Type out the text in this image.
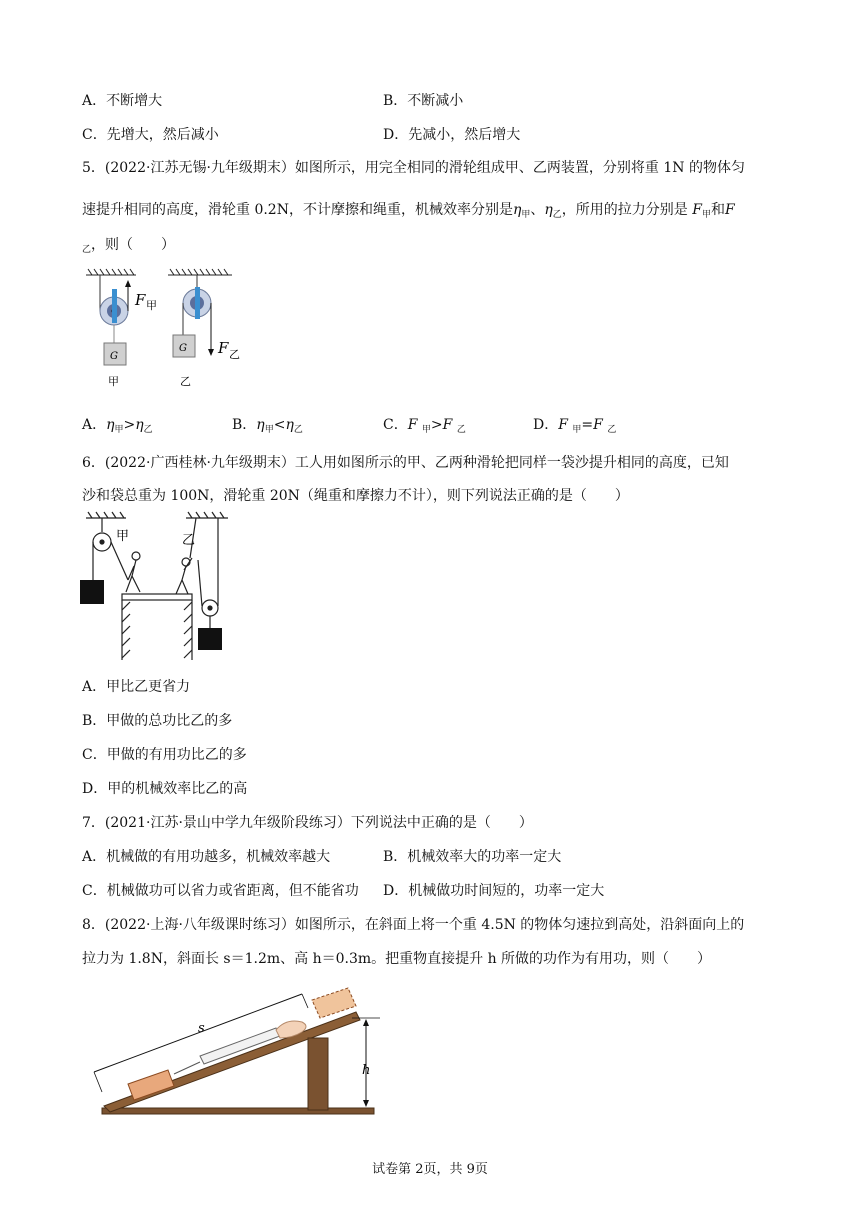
A．不断增大	B．不断减小
C．先增大，然后减小	D．先减小，然后增大
5．(2022·江苏无锡·九年级期末）如图所示，用完全相同的滑轮组成甲、乙两装置，分别将重 1N 的物体匀
速提升相同的高度，滑轮重 0.2N，不计摩擦和绳重，机械效率分别是$\eta_甲$、$\eta_乙$，所用的拉力分别是 $F_甲$和F
$_乙$，则（　　）
G
F 甲
甲
G F 乙
乙
A．$\eta_甲>\eta_乙$	B．$\eta_甲<\eta_乙$	C．F $_甲$>F $_乙$	D．F $_甲$=F $_乙$
6．(2022·广西桂林·九年级期末）工人用如图所示的甲、乙两种滑轮把同样一袋沙提升相同的高度，已知
沙和袋总重为 100N，滑轮重 20N（绳重和摩擦力不计），则下列说法正确的是（　　）
甲	乙
A．甲比乙更省力
B．甲做的总功比乙的多
C．甲做的有用功比乙的多
D．甲的机械效率比乙的高
7．(2021·江苏·景山中学九年级阶段练习）下列说法中正确的是（　　）
A．机械做的有用功越多，机械效率越大	B．机械效率大的功率一定大
C．机械做功可以省力或省距离，但不能省功 D．机械做功时间短的，功率一定大
8．(2022·上海·八年级课时练习）如图所示，在斜面上将一个重 4.5N 的物体匀速拉到高处，沿斜面向上的
拉力为 1.8N，斜面长 s＝1.2m、高 h＝0.3m。把重物直接提升 h 所做的功作为有用功，则（　　）
s
h
试卷第 2页，共 9页
